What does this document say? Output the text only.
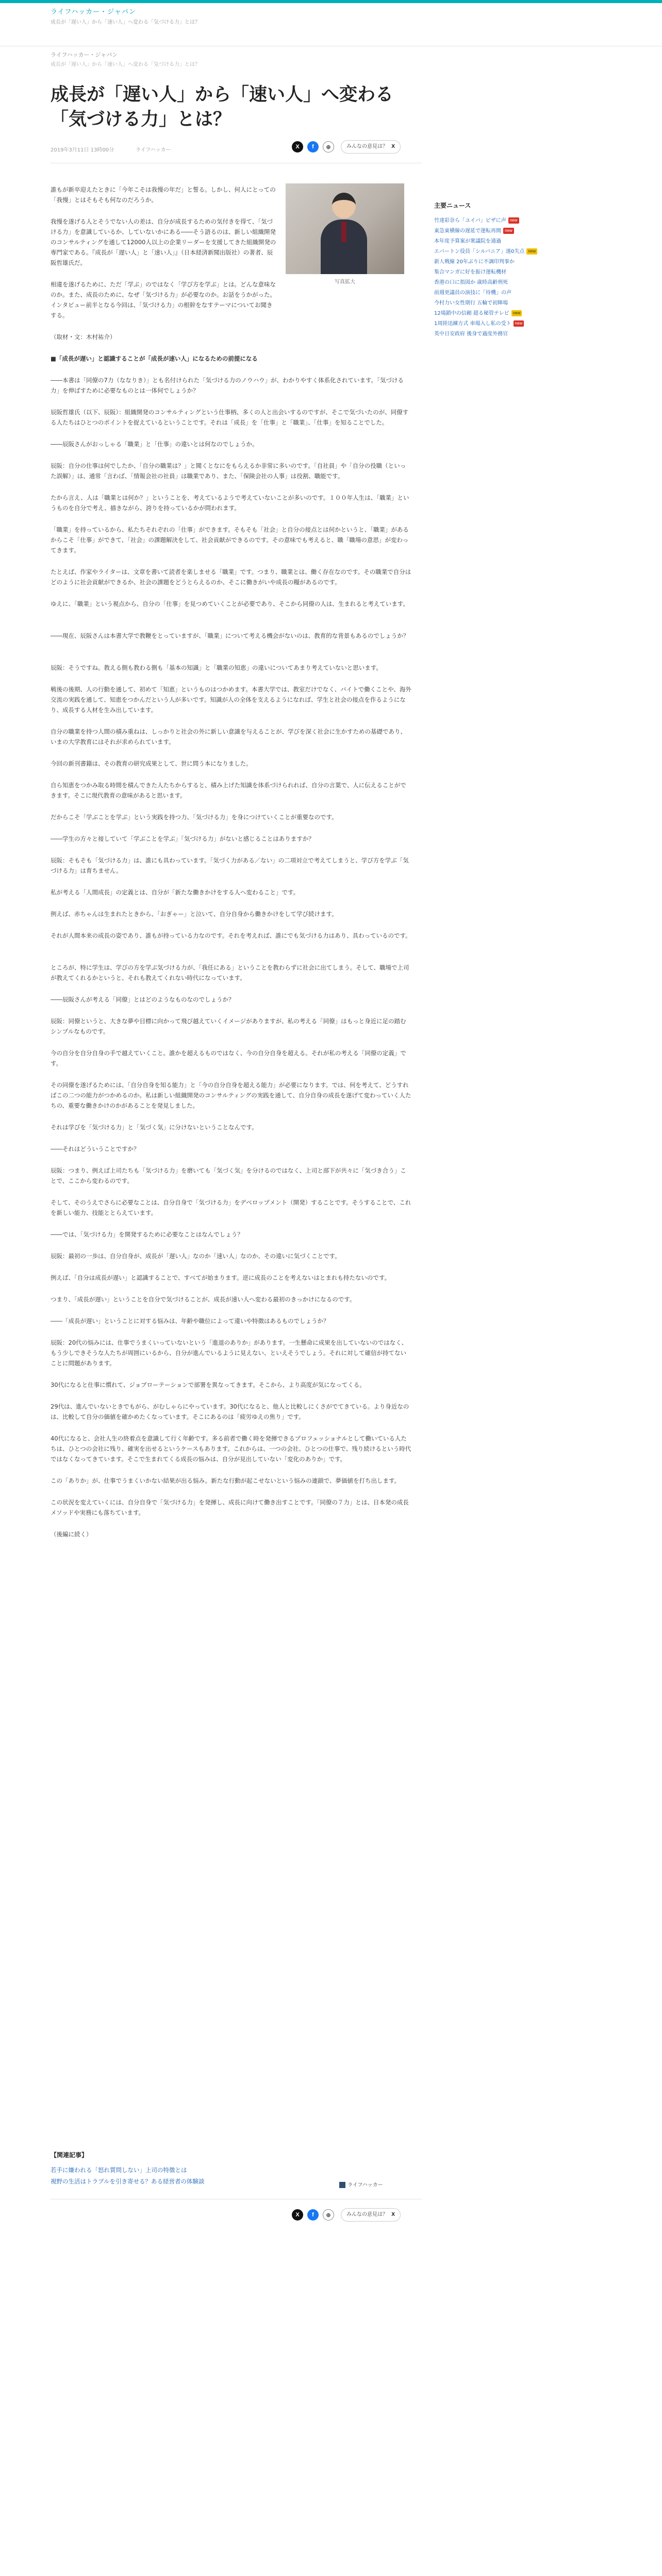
ライフハッカー・ジャパン
成長が「遅い人」から「速い人」へ変わる「気づける力」とは？
ライフハッカー・ジャパン
成長が「遅い人」から「速い人」へ変わる「気づける力」とは？
成長が「遅い人」から「速い人」へ変わる「気づける力」とは？
2019年3月11日 13時00分	ライフハッカー
X	f	⊕	みんなの意見は？ X
写真拡大

誰もが新卒迎えたときに「今年こそは我慢の年だ」と誓る。しかし、何人にとっての「我慢」とはそもそも何なのだろうか。

我慢を遂げる人とそうでない人の差は、自分が成長するための気付きを得て、「気づける力」を意識しているか、していないかにある――そう語るのは、新しい組織開発のコンサルティングを通して12000人以上の企業リーダーを支援してきた組織開発の専門家である。『成長が「遅い人」と「速い人」』（日本経済新聞出版社）の著者、辰阪哲雄氏だ。

相違を遂げるために、ただ「学ぶ」のではなく「学び方を学ぶ」とは。どんな意味なのか。また、成長のために、なぜ「気づける力」が必要なのか。お話をうかがった。インタビュー前半となる今回は、「気づける力」の根幹をなすテーマについてお聞きする。

（取材・文：木村祐介）

■「成長が遅い」と認識することが「成長が速い人」になるための前提になる

――本書は「同僚の7力（ななりき）」とも名付けられた「気づける力のノウハウ」が、わかりやすく体系化されています。「気づける力」を伸ばすために必要なものとは一体何でしょうか？

辰阪哲雄氏（以下、辰阪）：組織開発のコンサルティングという仕事柄、多くの人と出会いするのですが、そこで気づいたのが、同僚する人たちはひとつのポイントを捉えているということです。それは「成長」を「仕事」と「職業」、「仕事」を知ることでした。

――辰阪さんがおっしゃる「職業」と「仕事」の違いとは何なのでしょうか。

辰阪：自分の仕事は何でしたか、「自分の職業は？」と聞くとなにをもらえるか非常に多いのです。「自社員」や「自分の役職（といった誤解）」は、通常「言わば、「情報会社の社員」は職業であり、また、「保険会社の人事」は役割、職能です。

たから言え、人は「職業とは何か？」ということを、考えているようで考えていないことが多いのです。１００年人生は、「職業」というものを自分で考え、描きながら、誇りを持っているかが問われます。

「職業」を持っているから、私たちそれぞれの「仕事」ができます。そもそも「社会」と自分の接点とは何かというと、「職業」があるからこそ「仕事」ができて、「社会」の課題解決をして、社会貢献ができるのです。その意味でも考えると、職「職場の意思」が変わってきます。

たとえば、作家やライターは、文章を書いて読者を楽しませる「職業」です。つまり、職業とは、働く存在なのです。その職業で自分はどのように社会貢献ができるか、社会の課題をどうとらえるのか、そこに働きがいや成長の糧があるのです。

ゆえに、「職業」という視点から、自分の「仕事」を見つめていくことが必要であり、そこから同僚の人は、生まれると考えています。

――現在、辰阪さんは本書大学で教鞭をとっていますが、「職業」について考える機会がないのは、教育的な背景もあるのでしょうか？

辰阪：そうですね。教える側も教わる側も「基本の知識」と「職業の知恵」の違いについてあまり考えていないと思います。

戦後の後期、人の行動を通して、初めて「知恵」というものはつかめます。本書大学では、教室だけでなく、バイトで働くことや、海外交流の実践を通して、知恵をつかんだという人が多いです。知識が人の全体を支えるようになれば、学生と社会の接点を作るようになり、成長する人材を生み出しています。

自分の職業を持つ人間の積み重ねは、しっかりと社会の外に新しい意識を与えることが、学びを深く社会に生かすための基礎であり、いまの大学教育にはそれが求められています。

今回の新刊書籍は、その教育の研究成果として、世に問う本になりました。

自ら知恵をつかみ取る時間を積んできた人たちからすると、積み上げた知識を体系づけられれば、自分の言葉で、人に伝えることができます。そこに現代教育の意味があると思います。

だからこそ「学ぶことを学ぶ」という実践を持つ力、「気づける力」を身につけていくことが重要なのです。

――学生の方々と接していて「学ぶことを学ぶ」「気づける力」がないと感じることはありますか？

辰阪：そもそも「気づける力」は、誰にも具わっています。「気づく力がある／ない」の二項対立で考えてしまうと、学び方を学ぶ「気づける力」は育ちません。

私が考える「人間成長」の定義とは、自分が「新たな働きかけをする人へ変わること」です。

例えば、赤ちゃんは生まれたときから、「おぎゃー」と泣いて、自分自身から働きかけをして学び続けます。

それが人間本来の成長の姿であり、誰もが持っている力なのです。それを考えれば、誰にでも気づける力はあり、具わっているのです。

ところが、特に学生は、学びの方を学ぶ気づける力が、「我任にある」ということを教わらずに社会に出てしまう。そして、職場で上司が教えてくれるかというと、それも教えてくれない時代になっています。

――辰阪さんが考える「同僚」とはどのようなものなのでしょうか？

辰阪：同僚というと、大きな夢や目標に向かって飛び越えていくイメージがありますが、私の考える「同僚」はもっと身近に足の踏むシンプルなものです。

今の自分を自分自身の手で越えていくこと。誰かを超えるものではなく、今の自分自身を超える。それが私の考える「同僚の定義」です。

その同僚を遂げるためには、「自分自身を知る能力」と「今の自分自身を超える能力」が必要になります。では、何を考えて、どうすればこの二つの能力がつかめるのか。私は新しい組織開発のコンサルティングの実践を通して、自分自身の成長を遂げて変わっていく人たちの、重要な働きかけのかがあることを発見しました。

それは学びを「気づける力」と「気づく気」に分けないということなんです。

――それはどういうことですか？

辰阪：つまり、例えば上司たちも「気づける力」を磨いても「気づく気」を分けるのではなく、上司と部下が共々に「気づき合う」ことで、ここから変わるのです。

そして、そのうえでさらに必要なことは、自分自身で「気づける力」をデベロップメント（開発）することです。そうすることで、これを新しい能力、技能ととらえています。

――では、「気づける力」を開発するために必要なことはなんでしょう？

辰阪：最初の一歩は、自分自身が、成長が「遅い人」なのか「速い人」なのか、その違いに気づくことです。

例えば、「自分は成長が遅い」と認識することで、すべてが始まります。逆に成長のことを考えないはとまれも持たないのです。

つまり、「成長が遅い」ということを自分で気づけることが、成長が速い人へ変わる最初のきっかけになるのです。

――「成長が遅い」ということに対する悩みは、年齢や職位によって違いや特徴はあるものでしょうか？

辰阪：20代の悩みには、仕事でうまくいっていないという「進退のありか」があります。一生懸命に成果を出していないのではなく、もう少しできそうな人たちが周囲にいるから、自分が進んでいるように見えない、といえそうでしょう。それに対して確信が持てないことに問題があります。

30代になると仕事に慣れて、ジョブローテーションで部署を異なってきます。そこから、より高度が気になってくる。

29代は、進んでいないときでもがら、がむしゃらにやっています。30代になると、他人と比較しにくさがでてきている。より身近なのは、比較して自分の価値を確かめたくなっています。そこにあるのは「疲労ゆえの焦り」です。

40代になると、会社人生の終着点を意識して行く年齢です。多る前者で働く時を発揮できるプロフェッショナルとして働いている人たちは、ひとつの会社に残り、確実を出せるというケースもあります。これからは、一つの会社、ひとつの仕事で、残り続けるという時代ではなくなってきています。そこで生まれてくる成長の悩みは、自分が見出していない「変化のありか」です。

この「ありか」が、仕事でうまくいかない結果が出る悩み。新たな行動が起こせないという悩みの連鎖で、夢価値を打ち出します。

この状況を変えていくには、自分自身で「気づける力」を発揮し、成長に向けて働き出すことです。「同僚の７力」とは、日本発の成長メソッドや実務にも落ちています。

（後編に続く）

【関連記事】
若手に嫌われる「怒れ質問しない」上司の特徴とは
視野の生活はトラブルを引き寄せる？ある経営者の体験談
ライフハッカー
X	f	⊕	みんなの意見は？ X
主要ニュース
竹達彩奈ら「ユイバ」ピザに声 new
東急東横線の遅延で運転再開 new
本年度予算案が衆議院を通過
エバートン役員「シルバニア」遂0失点 new
新人戦線 20年ぶりに不調印判事か
集合マンガに好を振け運転機材
香港の口に指図か 歳時高齢刑死
前週更議員の演技に「待機」の声
今村力い女性期行 五輪で初陣場
12場鎖中の信頼 超る秘管テレビ new
1周陸迅練方式 車場入し私の受ト new
英中日安政府 後身で過度外務官
